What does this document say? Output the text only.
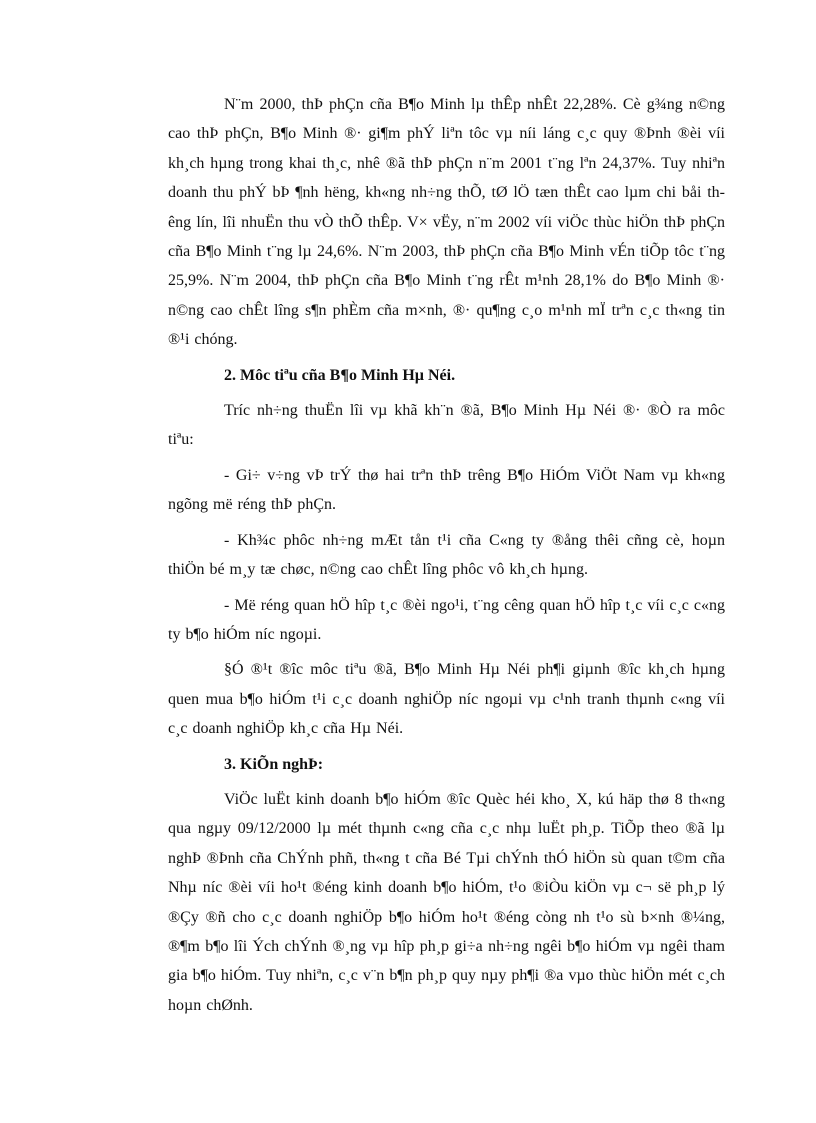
N¨m 2000, thÞ phÇn cña B¶o Minh lµ thÊp nhÊt 22,28%. Cè g¾ng n©ng cao thÞ phÇn, B¶o Minh ®· gi¶m phÝ liªn tôc vµ níi láng c¸c quy ®Þnh ®èi víi kh¸ch hµng trong khai th¸c, nhê ®ã thÞ phÇn n¨m 2001 t¨ng lªn 24,37%. Tuy nhiªn doanh thu phÝ bÞ ¶nh hëng, kh«ng nh÷ng thÕ, tØ lÖ tæn thÊt cao lµm chi båi thêng lín, lîi nhuËn thu vÒ thÕ thÊp. V× vËy, n¨m 2002 víi viÖc thùc hiÖn thÞ phÇn cña B¶o Minh t¨ng lµ 24,6%. N¨m 2003, thÞ phÇn cña B¶o Minh vÉn tiÕp tôc t¨ng 25,9%. N¨m 2004, thÞ phÇn cña B¶o Minh t¨ng rÊt m¹nh 28,1% do B¶o Minh ®· n©ng cao chÊt lîng s¶n phÈm cña m×nh, ®· qu¶ng c¸o m¹nh mÏ trªn c¸c th«ng tin ®¹i chóng.

2. Môc tiªu cña B¶o Minh Hµ Néi.

Tríc nh÷ng thuËn lîi vµ khã kh¨n ®ã, B¶o Minh Hµ Néi ®· ®Ò ra môc tiªu:

- Gi÷ v÷ng vÞ trÝ thø hai trªn thÞ trêng B¶o HiÓm ViÖt Nam vµ kh«ng ngõng më réng thÞ phÇn.

- Kh¾c phôc nh÷ng mÆt tån t¹i cña C«ng ty ®ång thêi cñng cè, hoµn thiÖn bé m¸y tæ chøc, n©ng cao chÊt lîng phôc vô kh¸ch hµng.

- Më réng quan hÖ hîp t¸c ®èi ngo¹i, t¨ng cêng quan hÖ hîp t¸c víi c¸c c«ng ty b¶o hiÓm níc ngoµi.

§Ó ®¹t ®îc môc tiªu ®ã, B¶o Minh Hµ Néi ph¶i giµnh ®îc kh¸ch hµng quen mua b¶o hiÓm t¹i c¸c doanh nghiÖp níc ngoµi vµ c¹nh tranh thµnh c«ng víi c¸c doanh nghiÖp kh¸c cña Hµ Néi.

3. KiÕn nghÞ:

ViÖc luËt kinh doanh b¶o hiÓm ®îc Quèc héi kho¸ X, kú häp thø 8 th«ng qua ngµy 09/12/2000 lµ mét thµnh c«ng cña c¸c nhµ luËt ph¸p. TiÕp theo ®ã lµ nghÞ ®Þnh cña ChÝnh phñ, th«ng t cña Bé Tµi chÝnh thÓ hiÖn sù quan t©m cña Nhµ níc ®èi víi ho¹t ®éng kinh doanh b¶o hiÓm, t¹o ®iÒu kiÖn vµ c¬ së ph¸p lý ®Çy ®ñ cho c¸c doanh nghiÖp b¶o hiÓm ho¹t ®éng còng nh t¹o sù b×nh ®¼ng, ®¶m b¶o lîi Ých chÝnh ®¸ng vµ hîp ph¸p gi÷a nh÷ng ngêi b¶o hiÓm vµ ngêi tham gia b¶o hiÓm. Tuy nhiªn, c¸c v¨n b¶n ph¸p quy nµy ph¶i ®a vµo thùc hiÖn mét c¸ch hoµn chØnh.
